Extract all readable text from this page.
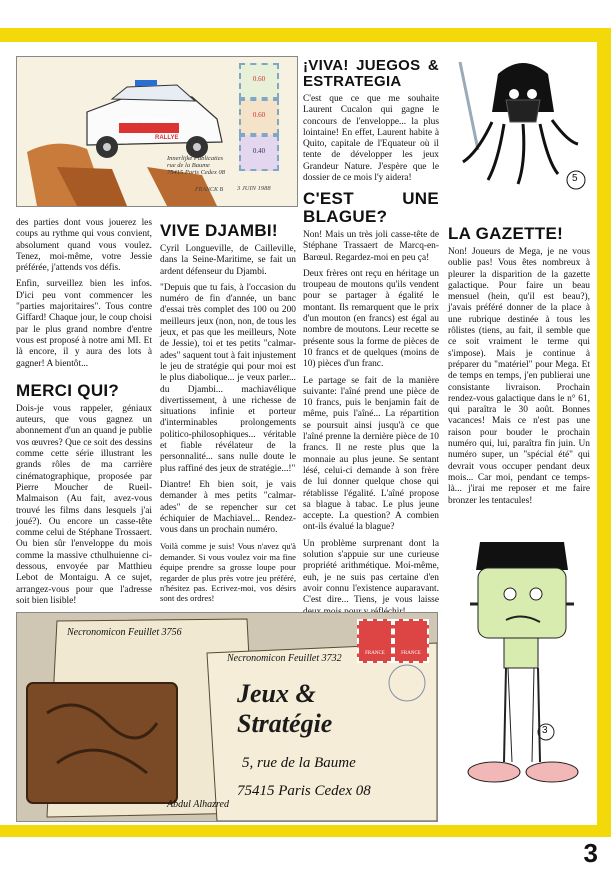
MANGA 69 SPORTS
RALLYE
Innerlijke Publicaties
rue de la Baume
75415 Paris Cedex 08
FRANCK B
0.60
0.60
0.40
3 JUIN 1988
¡VIVA! JUEGOS & ESTRATEGIA

C'est que ce que me souhaite Laurent Cucalon qui gagne le concours de l'enveloppe... la plus lointaine! En effet, Laurent habite à Quito, capitale de l'Equateur où il tente de développer les jeux Grandeur Nature. J'espère que le dossier de ce mois l'y aidera!	5

des parties dont vous jouerez les coups au rythme qui vous convient, absolument quand vous voulez. Tenez, moi-même, votre Jessie préférée, j'attends vos défis.

Enfin, surveillez bien les infos. D'ici peu vont commencer les "parties majoritaires". Tous contre Giffard! Chaque jour, le coup choisi par le plus grand nombre d'entre vous est proposé à notre ami MI. Et là encore, il y aura des lots à gagner! A bientôt...

MERCI QUI?

Dois-je vous rappeler, géniaux auteurs, que vous gagnez un abonnement d'un an quand je publie vos œuvres? Que ce soit des dessins comme cette série illustrant les grands rôles de ma carrière cinématographique, proposée par Pierre Moucher de Rueil-Malmaison (Au fait, avez-vous trouvé les films dans lesquels j'ai joué?). Ou encore un casse-tête comme celui de Stéphane Trossaert. Ou bien sûr l'enveloppe du mois comme la massive cthulhuienne ci-dessous, envoyée par Matthieu Lebot de Montaigu. A ce sujet, arrangez-vous pour que l'adresse soit bien lisible!

VIVE DJAMBI!

Cyril Longueville, de Cailleville, dans la Seine-Maritime, se fait un ardent défenseur du Djambi.

"Depuis que tu fais, à l'occasion du numéro de fin d'année, un banc d'essai très complet des 100 ou 200 meilleurs jeux (non, non, de tous les jeux, et pas que les meilleurs, Note de Jessie), toi et tes petits "calmar-ades" saquent tout à fait injustement le jeu de stratégie qui pour moi est le plus diabolique... je veux parler... du Djambi... machiavélique divertissement, à une richesse de situations infinie et porteur d'interminables prolongements politico-philosophiques... véritable et fiable révélateur de la personnalité... sans nulle doute le plus raffiné des jeux de stratégie...!"

Diantre! Eh bien soit, je vais demander à mes petits "calmar-ades" de se repencher sur cet échiquier de Machiavel... Rendez-vous dans un prochain numéro.

Voilà comme je suis! Vous n'avez qu'à demander. Si vous voulez voir ma fine équipe prendre sa grosse loupe pour regarder de plus près votre jeu préféré, n'hésitez pas. Ecrivez-moi, vos désirs sont des ordres!

C'EST UNE BLAGUE?

Non! Mais un très joli casse-tête de Stéphane Trassaert de Marcq-en-Barœul. Regardez-moi en peu ça!

Deux frères ont reçu en héritage un troupeau de moutons qu'ils vendent pour se partager à égalité le montant. Ils remarquent que le prix d'un mouton (en francs) est égal au nombre de moutons. Leur recette se présente sous la forme de pièces de 10 francs et de quelques (moins de 10) pièces d'un franc.

Le partage se fait de la manière suivante: l'aîné prend une pièce de 10 francs, puis le benjamin fait de même, puis l'aîné... La répartition se poursuit ainsi jusqu'à ce que l'aîné prenne la dernière pièce de 10 francs. Il ne reste plus que la monnaie au plus jeune. Se sentant lésé, celui-ci demande à son frère de lui donner quelque chose qui rétablisse l'égalité. L'aîné propose sa blague à tabac. Le plus jeune accepte. La question? A combien ont-ils évalué la blague?

Un problème surprenant dont la solution s'appuie sur une curieuse propriété arithmétique. Moi-même, euh, je ne suis pas certaine d'en avoir connu l'existence auparavant. C'est dire... Tiens, je vous laisse

LA GAZETTE!

Non! Joueurs de Mega, je ne vous oublie pas! Vous êtes nombreux à pleurer la disparition de la gazette galactique. Pour faire un beau mensuel (hein, qu'il est beau?), j'avais préféré donner de la place à une rubrique destinée à tous les rôlistes (tiens, au fait, il semble que ce soit vraiment le terme qui s'impose). Mais je continue à préparer du "matériel" pour Mega. Et de temps en temps, j'en publierai une consistante livraison. Prochain rendez-vous galactique dans le n° 61, qui paraîtra le 30 août. Bonnes vacances! Mais ce n'est pas une raison pour bouder le prochain numéro qui, lui, paraîtra fin juin. Un numéro super, un "spécial été" qui devrait vous occuper pendant deux mois... Car moi, pendant ce temps-là... j'irai me reposer et me faire bronzer les tentacules!

3
Necronomicon Feuillet 3756
Necronomicon Feuillet 3732
Jeux & Stratégie
5, rue de la Baume
75415 Paris Cedex 08
Abdul Alhazred
FRANCE	FRANCE
3
